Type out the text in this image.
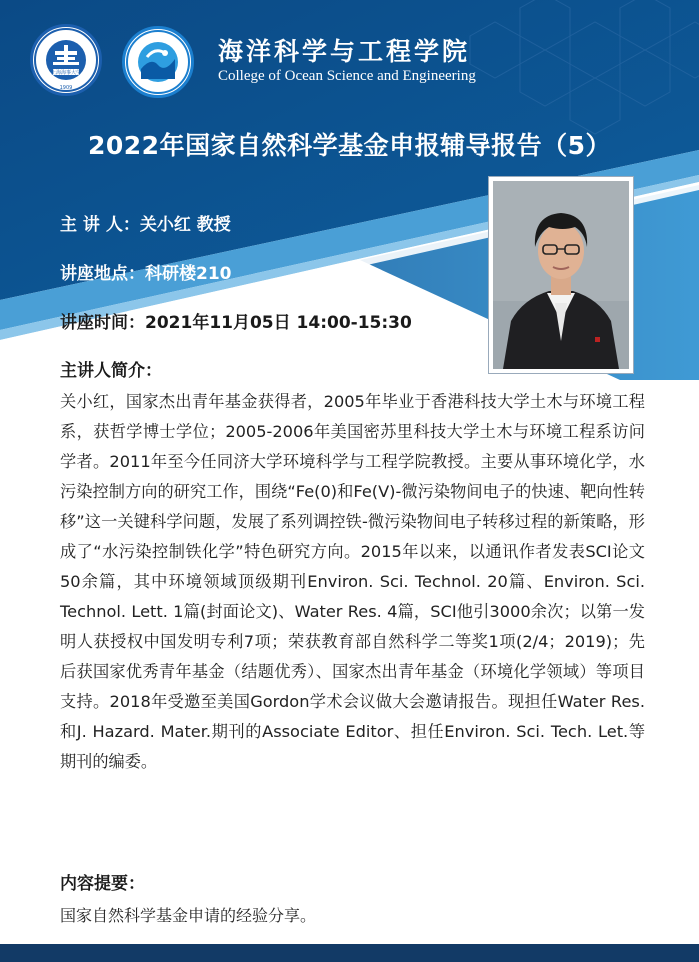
上海海事大学
1909
海洋科学与工程学院
College of Ocean Science and Engineering
2022年国家自然科学基金申报辅导报告（5）
主 讲 人：关小红 教授
讲座地点：科研楼210
讲座时间：2021年11月05日 14:00-15:30
主讲人简介：
关小红，国家杰出青年基金获得者，2005年毕业于香港科技大学土木与环境工程系，获哲学博士学位；2005-2006年美国密苏里科技大学土木与环境工程系访问学者。2011年至今任同济大学环境科学与工程学院教授。主要从事环境化学，水污染控制方向的研究工作，围绕“Fe(0)和Fe(V)-微污染物间电子的快速、靶向性转移”这一关键科学问题，发展了系列调控铁-微污染物间电子转移过程的新策略，形成了“水污染控制铁化学”特色研究方向。2015年以来，以通讯作者发表SCI论文50余篇，其中环境领域顶级期刊Environ. Sci. Technol. 20篇、Environ. Sci. Technol. Lett. 1篇(封面论文)、Water Res. 4篇，SCI他引3000余次；以第一发明人获授权中国发明专利7项；荣获教育部自然科学二等奖1项(2/4；2019)；先后获国家优秀青年基金（结题优秀）、国家杰出青年基金（环境化学领域）等项目支持。2018年受邀至美国Gordon学术会议做大会邀请报告。现担任Water Res. 和J. Hazard. Mater.期刊的Associate Editor、担任Environ. Sci. Tech. Let.等期刊的编委。
内容提要：
国家自然科学基金申请的经验分享。
